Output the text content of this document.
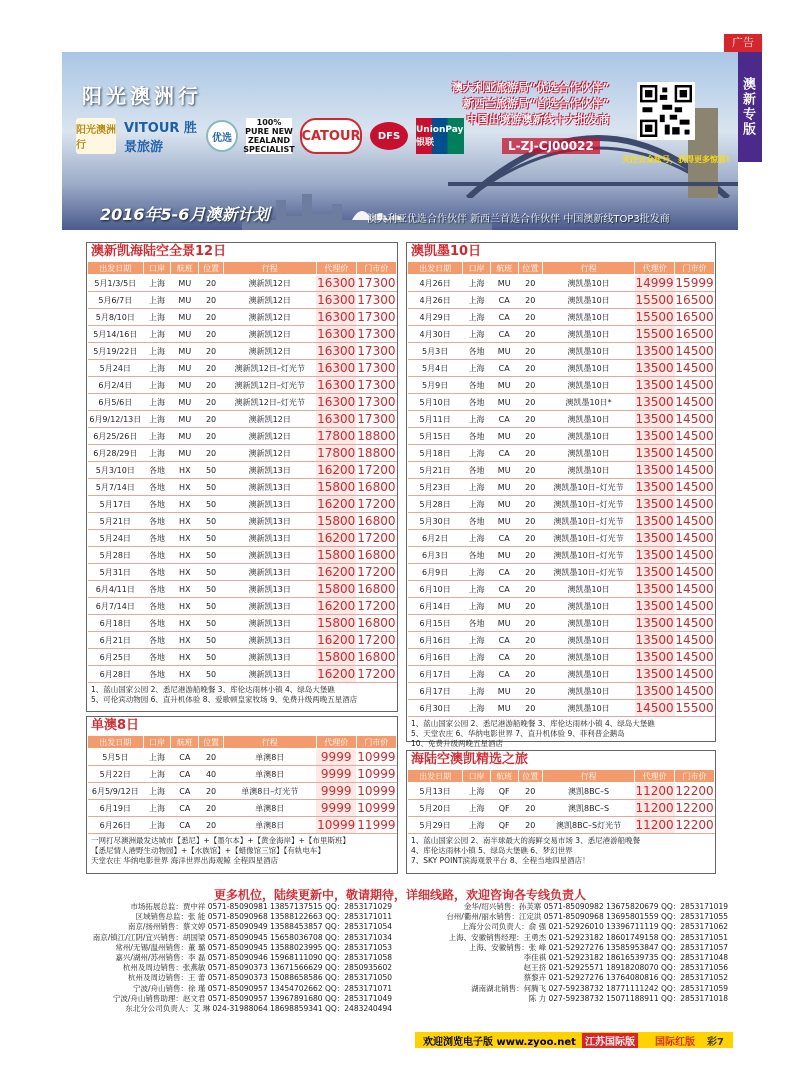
广告
澳新专版
阳光澳洲行
阳光澳洲行
VITOUR 胜景旅游
优选
100% PURE NEW ZEALAND SPECIALIST
CATOUR	DFS
UnionPay 银联
澳大利亚旅游局“优选合作伙伴”
新西兰旅游局“首选合作伙伴”
中国出境游澳新线十大批发商
L-ZJ-CJ00022
关注公众账号，获得更多惊喜!
2016年5-6月澳新计划	澳大利亚优选合作伙伴 新西兰首选合作伙伴 中国澳新线TOP3批发商
澳新凯海陆空全景12日
出发日期	口岸	航班	位置	行程	代理价	门市价
5月1/3/5日	上海	MU	20	澳新凯12日	16300	17300
5月6/7日	上海	MU	20	澳新凯12日	16300	17300
5月8/10日	上海	MU	20	澳新凯12日	16300	17300
5月14/16日	上海	MU	20	澳新凯12日	16300	17300
5月19/22日	上海	MU	20	澳新凯12日	16300	17300
5月24日	上海	MU	20	澳新凯12日–灯光节	16300	17300
6月2/4日	上海	MU	20	澳新凯12日–灯光节	16300	17300
6月5/6日	上海	MU	20	澳新凯12日–灯光节	16300	17300
6月9/12/13日	上海	MU	20	澳新凯12日	16300	17300
6月25/26日	上海	MU	20	澳新凯12日	17800	18800
6月28/29日	上海	MU	20	澳新凯12日	17800	18800
5月3/10日	各地	HX	50	澳新凯13日	16200	17200
5月7/14日	各地	HX	50	澳新凯13日	15800	16800
5月17日	各地	HX	50	澳新凯13日	16200	17200
5月21日	各地	HX	50	澳新凯13日	15800	16800
5月24日	各地	HX	50	澳新凯13日	16200	17200
5月28日	各地	HX	50	澳新凯13日	15800	16800
5月31日	各地	HX	50	澳新凯13日	16200	17200
6月4/11日	各地	HX	50	澳新凯13日	15800	16800
6月7/14日	各地	HX	50	澳新凯13日	16200	17200
6月18日	各地	HX	50	澳新凯13日	15800	16800
6月21日	各地	HX	50	澳新凯13日	16200	17200
6月25日	各地	HX	50	澳新凯13日	15800	16800
6月28日	各地	HX	50	澳新凯13日	16200	17200
1、蓝山国家公园 2、悉尼港游船晚餐 3、库伦达雨林小镇 4、绿岛大堡礁
5、可伦宾动物园 6、直升机体验 8、爱歌顿皇家牧场 9、免费升级两晚五星酒店
单澳8日
出发日期	口岸	航班	位置	行程	代理价	门市价
5月5日	上海	CA	20	单澳8日	9999	10999
5月22日	上海	CA	40	单澳8日	9999	10999
6月5/9/12日	上海	CA	20	单澳8日–灯光节	9999	10999
6月19日	上海	CA	20	单澳8日	9999	10999
6月26日	上海	CA	20	单澳8日	10999	11999
一网打尽澳洲最发达城市【悉尼】+【墨尔本】+【黄金海岸】+【布里斯班】
【悉尼情人港野生动物园】+【水族馆】+【蜡像馆三馆】【有轨电车】
天堂农庄 华纳电影世界 海洋世界出海观鲸 全程四星酒店
澳凯墨10日
出发日期	口岸	航班	位置	行程	代理价	门市价
4月26日	上海	MU	20	澳凯墨10日	14999	15999
4月26日	上海	CA	20	澳凯墨10日	15500	16500
4月29日	上海	CA	20	澳凯墨10日	15500	16500
4月30日	上海	CA	20	澳凯墨10日	15500	16500
5月3日	各地	MU	20	澳凯墨10日	13500	14500
5月4日	上海	CA	20	澳凯墨10日	13500	14500
5月9日	各地	MU	20	澳凯墨10日	13500	14500
5月10日	各地	MU	20	澳凯墨10日*	13500	14500
5月11日	上海	CA	20	澳凯墨10日	13500	14500
5月15日	各地	MU	20	澳凯墨10日	13500	14500
5月18日	上海	CA	20	澳凯墨10日	13500	14500
5月21日	各地	MU	20	澳凯墨10日	13500	14500
5月23日	上海	MU	20	澳凯墨10日–灯光节	13500	14500
5月28日	上海	MU	20	澳凯墨10日–灯光节	13500	14500
5月30日	各地	MU	20	澳凯墨10日–灯光节	13500	14500
6月2日	上海	CA	20	澳凯墨10日–灯光节	13500	14500
6月3日	各地	MU	20	澳凯墨10日–灯光节	13500	14500
6月9日	上海	CA	20	澳凯墨10日–灯光节	13500	14500
6月10日	上海	CA	20	澳凯墨10日	13500	14500
6月14日	上海	MU	20	澳凯墨10日	13500	14500
6月15日	各地	MU	20	澳凯墨10日	13500	14500
6月16日	上海	CA	20	澳凯墨10日	13500	14500
6月16日	上海	CA	20	澳凯墨10日	13500	14500
6月17日	上海	CA	20	澳凯墨10日	13500	14500
6月17日	上海	MU	20	澳凯墨10日	13500	14500
6月30日	上海	MU	20	澳凯墨10日	14500	15500
1、蓝山国家公园 2、悉尼港游船晚餐 3、库伦达雨林小镇 4、绿岛大堡礁
5、天堂农庄 6、华纳电影世界 7、直升机体验 9、菲利普企鹅岛
10、免费升级两晚五星酒店
海陆空澳凯精选之旅
出发日期	口岸	航班	位置	行程	代理价	门市价
5月13日	上海	QF	20	澳凯8BC–S	11200	12200
5月20日	上海	QF	20	澳凯8BC–S	11200	12200
5月29日	上海	QF	20	澳凯8BC–S灯光节	11200	12200
1、蓝山国家公园 2、南半球最大的海鲜交易市场 3、悉尼港游船晚餐
4、库伦达雨林小镇 5、绿岛大堡礁 6、梦幻世界
7、SKY POINT滨海观景平台 8、全程当地四星酒店！
更多机位，陆续更新中，敬请期待，详细线路，欢迎咨询各专线负责人
市场拓展总监：贾中祥 0571-85090981 13857137515 QQ：2853171029
区域销售总监：张 能 0571-85090968 13588122663 QQ：2853171011
南京/扬州销售：蔡文婷 0571-85090949 13588453857 QQ：2853171054
南京/镇江/江阴/宜兴销售：胡国梁 0571-85090945 15658036708 QQ：2853171034
常州/无锡/温州销售：董 璐 0571-85090945 13588023995 QQ：2853171053
嘉兴/湖州/苏州销售：李 磊 0571-85090946 15968111090 QQ：2853171058
杭州及周边销售：张燕敏 0571-85090373 13671566629 QQ：2850935602
杭州及周边销售：王 蕾 0571-85090373 15088658586 QQ：2853171050
宁波/舟山销售：徐 瑾 0571-85090957 13454702662 QQ：2853171071
宁波/舟山销售助理：赵文君 0571-85090957 13967891680 QQ：2853171049
东北分公司负责人：艾 琳 024-31988064 18698859341 QQ：2483240494
金华/绍兴销售：孙芙寨 0571-85090982 13675820679 QQ：2853171019
台州/衢州/丽水销售：江定洪 0571-85090968 13695801559 QQ：2853171055
上海分公司负责人：俞 强 021-52926010 13396711119 QQ：2853171062
上海、安徽销售经理：王勇杰 021-52923182 18601749158 QQ：2853171051
上海、安徽销售：张 峰 021-52927276 13585953847 QQ：2853171057
李佳祺 021-52923182 18616539735 QQ：2853171048
赵王挤 021-52925571 18918208070 QQ：2853171056
蔡黎卉 021-52927276 13764080816 QQ：2853171052
湖南湖北销售：何腾飞 027-59238732 18771111242 QQ：2853171059
陈 力 027-59238732 15071188911 QQ：2853171018
欢迎浏览电子版 www.zyoo.net 江苏国际版	国际红版 彩7
